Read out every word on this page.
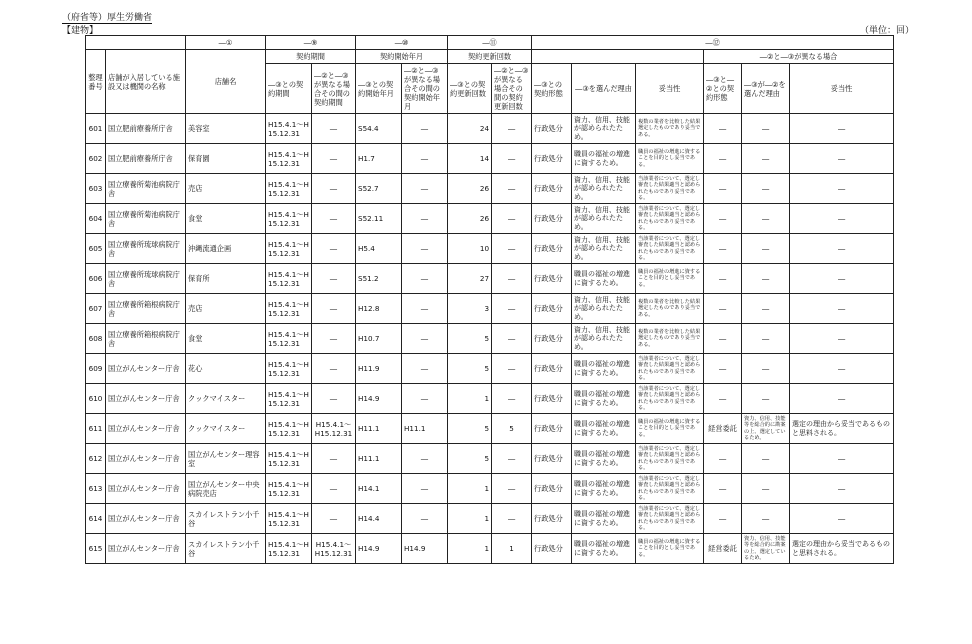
（府省等）厚生労働省
【建物】	（単位：回）
		―①	―⑨		―⑩		―⑪		―⑫					
整理番号	店舗が入居している施設又は機関の名称	店舗名	契約期間		契約開始年月		契約更新回数					―②と―③が異なる場合		
			―③との契約期間	―②と―③が異なる場合その間の契約期間	―③との契約開始年月	―②と―③が異なる場合その間の契約開始年月	―③との契約更新回数	―②と―③が異なる場合その間の契約更新回数	―③との契約形態	―③を選んだ理由	妥当性	―③と―②との契約形態	―③が―②を選んだ理由	妥当性
601	国立肥前療養所庁舎	美容室	H15.4.1～H15.12.31	―	S54.4	―	24	―	行政処分	資力、信用、技能が認められたため。	複数の業者を比較した結果選定したものであり妥当である。	―	―	―
602	国立肥前療養所庁舎	保育園	H15.4.1～H15.12.31	―	H1.7	―	14	―	行政処分	職員の福祉の増進に資するため。	職員の福祉の増進に資することを目的とし妥当である。	―	―	―
603	国立療養所菊池病院庁舎	売店	H15.4.1～H15.12.31	―	S52.7	―	26	―	行政処分	資力、信用、技能が認められたため。	当該業者について、選定し審査した結果適当と認められたものであり妥当である。	―	―	―
604	国立療養所菊池病院庁舎	食堂	H15.4.1～H15.12.31	―	S52.11	―	26	―	行政処分	資力、信用、技能が認められたため。	当該業者について、選定し審査した結果適当と認められたものであり妥当である。	―	―	―
605	国立療養所琉球病院庁舎	沖縄流通企画	H15.4.1～H15.12.31	―	H5.4	―	10	―	行政処分	資力、信用、技能が認められたため。	当該業者について、選定し審査した結果適当と認められたものであり妥当である。	―	―	―
606	国立療養所琉球病院庁舎	保育所	H15.4.1～H15.12.31	―	S51.2	―	27	―	行政処分	職員の福祉の増進に資するため。	職員の福祉の増進に資することを目的とし妥当である。	―	―	―
607	国立療養所箱根病院庁舎	売店	H15.4.1～H15.12.31	―	H12.8	―	3	―	行政処分	資力、信用、技能が認められたため。	複数の業者を比較した結果選定したものであり妥当である。	―	―	―
608	国立療養所箱根病院庁舎	食堂	H15.4.1～H15.12.31	―	H10.7	―	5	―	行政処分	資力、信用、技能が認められたため。	複数の業者を比較した結果選定したものであり妥当である。	―	―	―
609	国立がんセンター庁舎	花心	H15.4.1～H15.12.31	―	H11.9	―	5	―	行政処分	職員の福祉の増進に資するため。	当該業者について、選定し審査した結果適当と認められたものであり妥当である。	―	―	―
610	国立がんセンター庁舎	クックマイスター	H15.4.1～H15.12.31	―	H14.9	―	1	―	行政処分	職員の福祉の増進に資するため。	当該業者について、選定し審査した結果適当と認められたものであり妥当である。	―	―	―
611	国立がんセンター庁舎	クックマイスター	H15.4.1～H15.12.31	H15.4.1～H15.12.31	H11.1	H11.1	5	5	行政処分	職員の福祉の増進に資するため。	職員の福祉の増進に資することを目的とし妥当である。	経営委託	資力、信用、技能等を総合的に勘案の上、選定しているため。	選定の理由から妥当であるものと思料される。
612	国立がんセンター庁舎	国立がんセンター理容室	H15.4.1～H15.12.31	―	H11.1	―	5	―	行政処分	職員の福祉の増進に資するため。	当該業者について、選定し審査した結果適当と認められたものであり妥当である。	―	―	―
613	国立がんセンター庁舎	国立がんセンター中央病院売店	H15.4.1～H15.12.31	―	H14.1	―	1	―	行政処分	職員の福祉の増進に資するため。	当該業者について、選定し審査した結果適当と認められたものであり妥当である。	―	―	―
614	国立がんセンター庁舎	スカイレストラン小千谷	H15.4.1～H15.12.31	―	H14.4	―	1	―	行政処分	職員の福祉の増進に資するため。	当該業者について、選定し審査した結果適当と認められたものであり妥当である。	―	―	―
615	国立がんセンター庁舎	スカイレストラン小千谷	H15.4.1～H15.12.31	H15.4.1～H15.12.31	H14.9	H14.9	1	1	行政処分	職員の福祉の増進に資するため。	職員の福祉の増進に資することを目的とし妥当である。	経営委託	資力、信用、技能等を総合的に勘案の上、選定しているため。	選定の理由から妥当であるものと思料される。
